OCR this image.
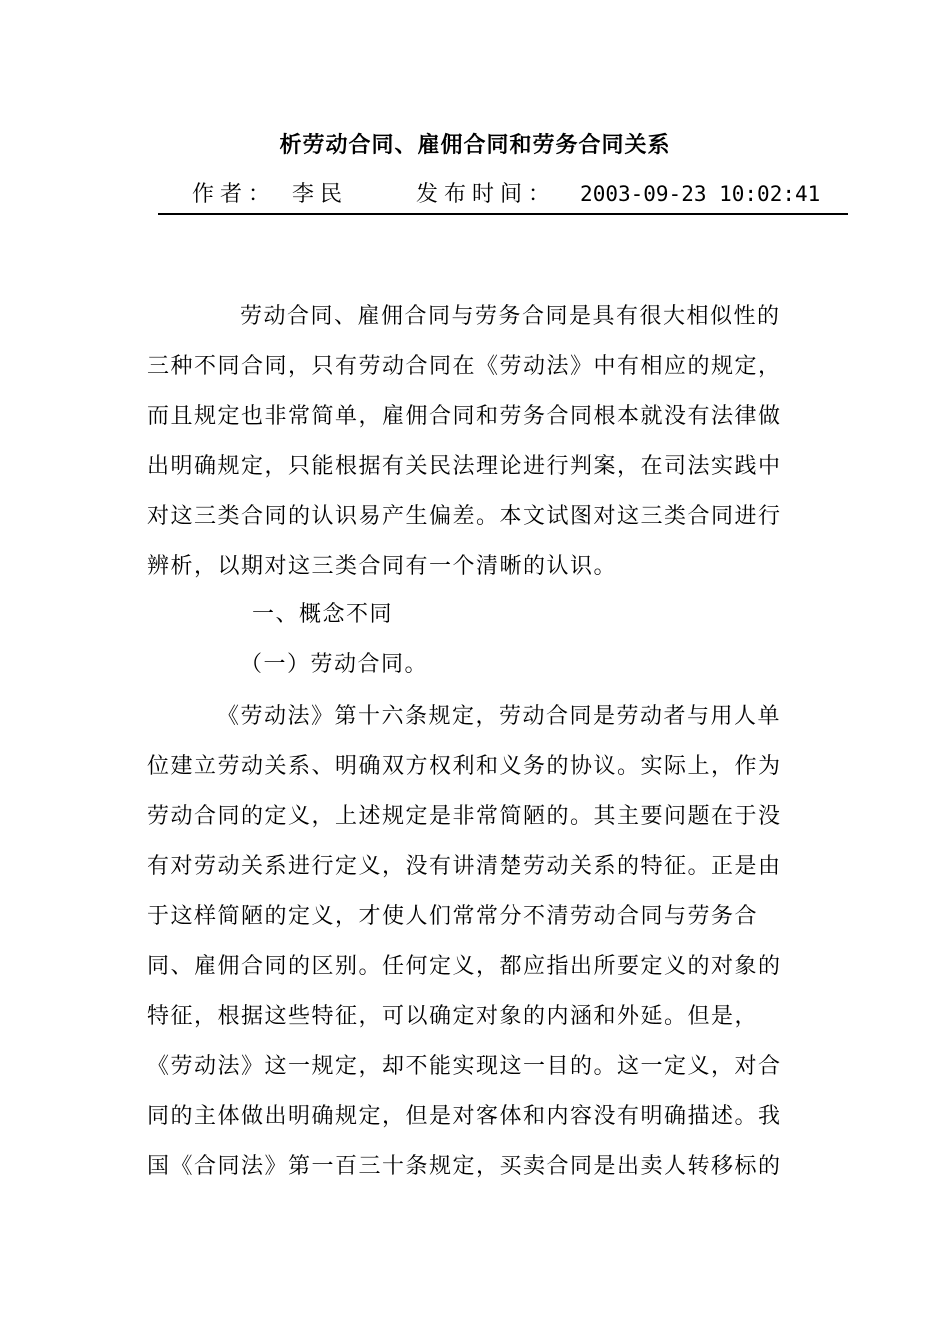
析劳动合同、雇佣合同和劳务合同关系
作者： 李民	发布时间： 2003-09-23 10:02:41
劳动合同、雇佣合同与劳务合同是具有很大相似性的
三种不同合同，只有劳动合同在《劳动法》中有相应的规定，
而且规定也非常简单，雇佣合同和劳务合同根本就没有法律做
出明确规定，只能根据有关民法理论进行判案，在司法实践中
对这三类合同的认识易产生偏差。本文试图对这三类合同进行
辨析，以期对这三类合同有一个清晰的认识。
一、概念不同
（一）劳动合同。
《劳动法》第十六条规定，劳动合同是劳动者与用人单
位建立劳动关系、明确双方权利和义务的协议。实际上，作为
劳动合同的定义，上述规定是非常简陋的。其主要问题在于没
有对劳动关系进行定义，没有讲清楚劳动关系的特征。正是由
于这样简陋的定义，才使人们常常分不清劳动合同与劳务合
同、雇佣合同的区别。任何定义，都应指出所要定义的对象的
特征，根据这些特征，可以确定对象的内涵和外延。但是，
《劳动法》这一规定，却不能实现这一目的。这一定义，对合
同的主体做出明确规定，但是对客体和内容没有明确描述。我
国《合同法》第一百三十条规定，买卖合同是出卖人转移标的
